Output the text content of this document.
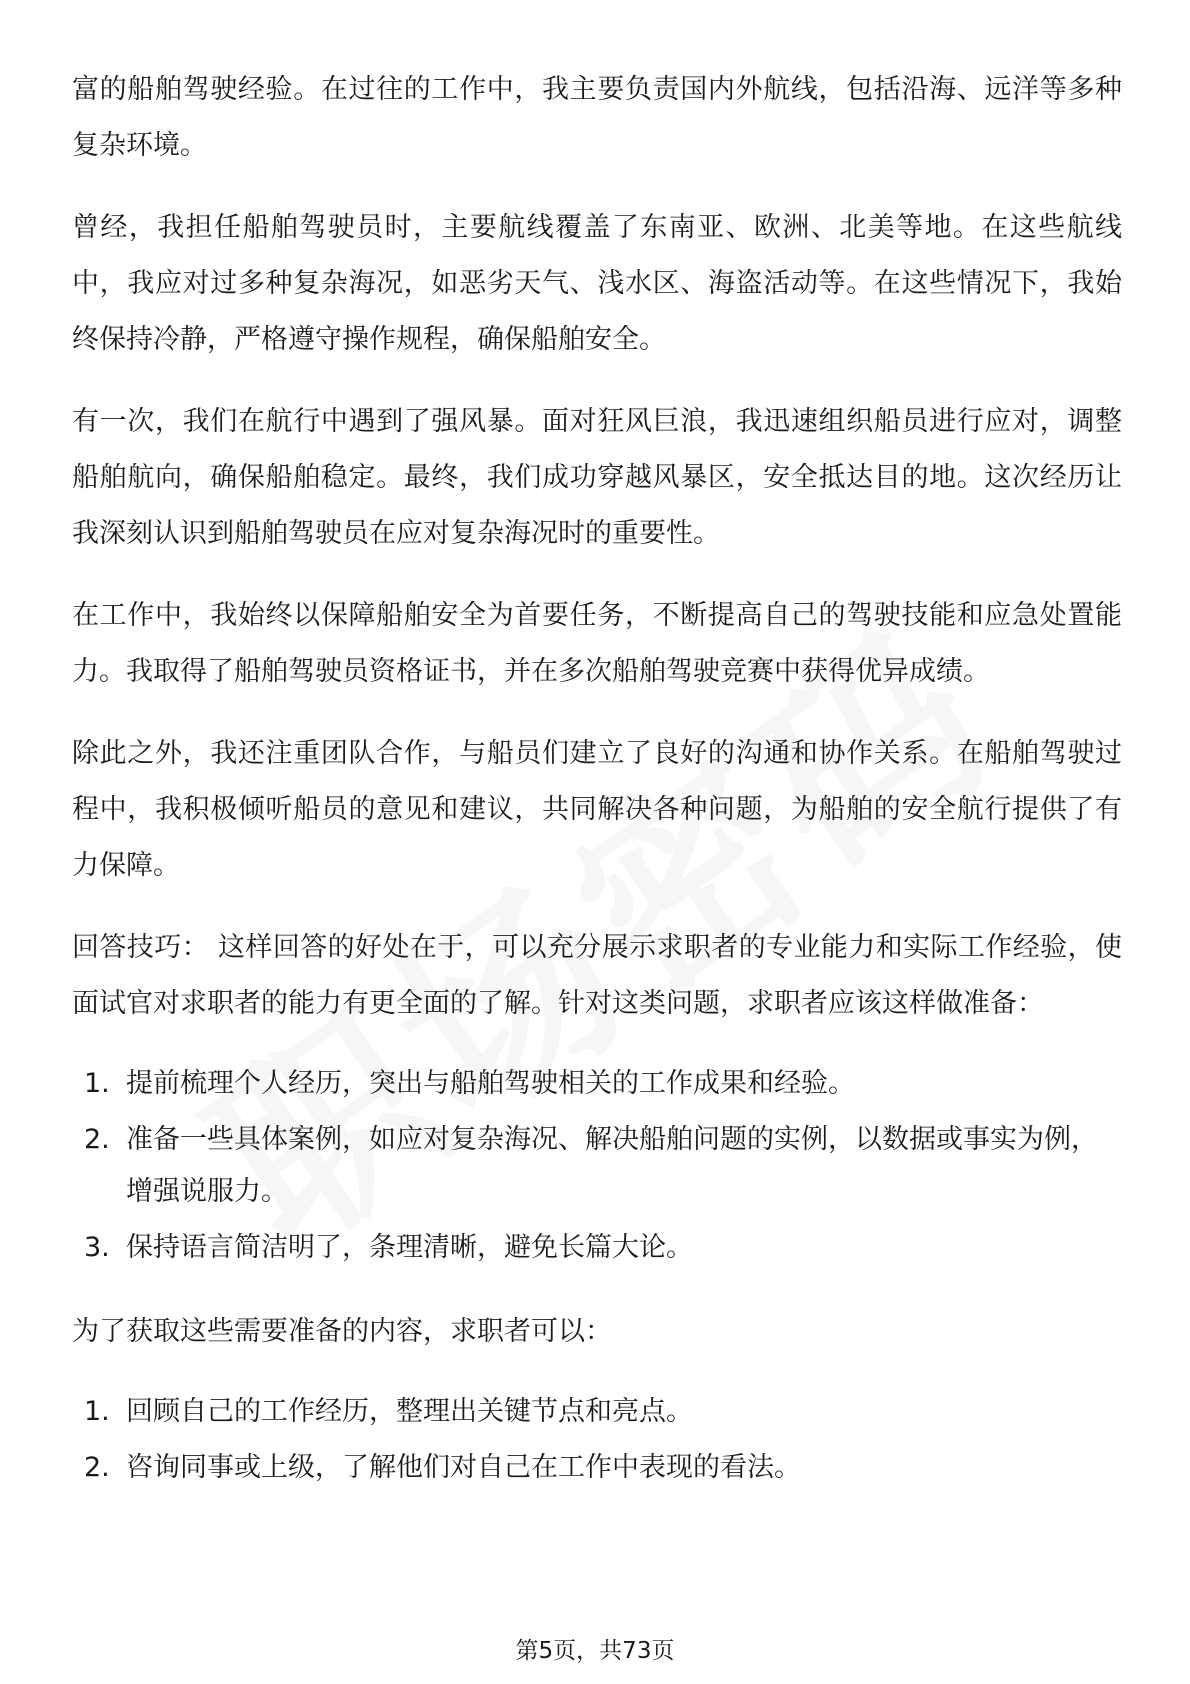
富的船舶驾驶经验。在过往的工作中，我主要负责国内外航线，包括沿海、远洋等多种复杂环境。

曾经，我担任船舶驾驶员时，主要航线覆盖了东南亚、欧洲、北美等地。在这些航线中，我应对过多种复杂海况，如恶劣天气、浅水区、海盗活动等。在这些情况下，我始终保持冷静，严格遵守操作规程，确保船舶安全。

有一次，我们在航行中遇到了强风暴。面对狂风巨浪，我迅速组织船员进行应对，调整船舶航向，确保船舶稳定。最终，我们成功穿越风暴区，安全抵达目的地。这次经历让我深刻认识到船舶驾驶员在应对复杂海况时的重要性。

在工作中，我始终以保障船舶安全为首要任务，不断提高自己的驾驶技能和应急处置能力。我取得了船舶驾驶员资格证书，并在多次船舶驾驶竞赛中获得优异成绩。

除此之外，我还注重团队合作，与船员们建立了良好的沟通和协作关系。在船舶驾驶过程中，我积极倾听船员的意见和建议，共同解决各种问题，为船舶的安全航行提供了有力保障。

回答技巧： 这样回答的好处在于，可以充分展示求职者的专业能力和实际工作经验，使面试官对求职者的能力有更全面的了解。针对这类问题，求职者应该这样做准备：

1. 提前梳理个人经历，突出与船舶驾驶相关的工作成果和经验。
2. 准备一些具体案例，如应对复杂海况、解决船舶问题的实例，以数据或事实为例，增强说服力。
3. 保持语言简洁明了，条理清晰，避免长篇大论。

为了获取这些需要准备的内容，求职者可以：

1. 回顾自己的工作经历，整理出关键节点和亮点。
2. 咨询同事或上级，了解他们对自己在工作中表现的看法。
第5页，共73页
